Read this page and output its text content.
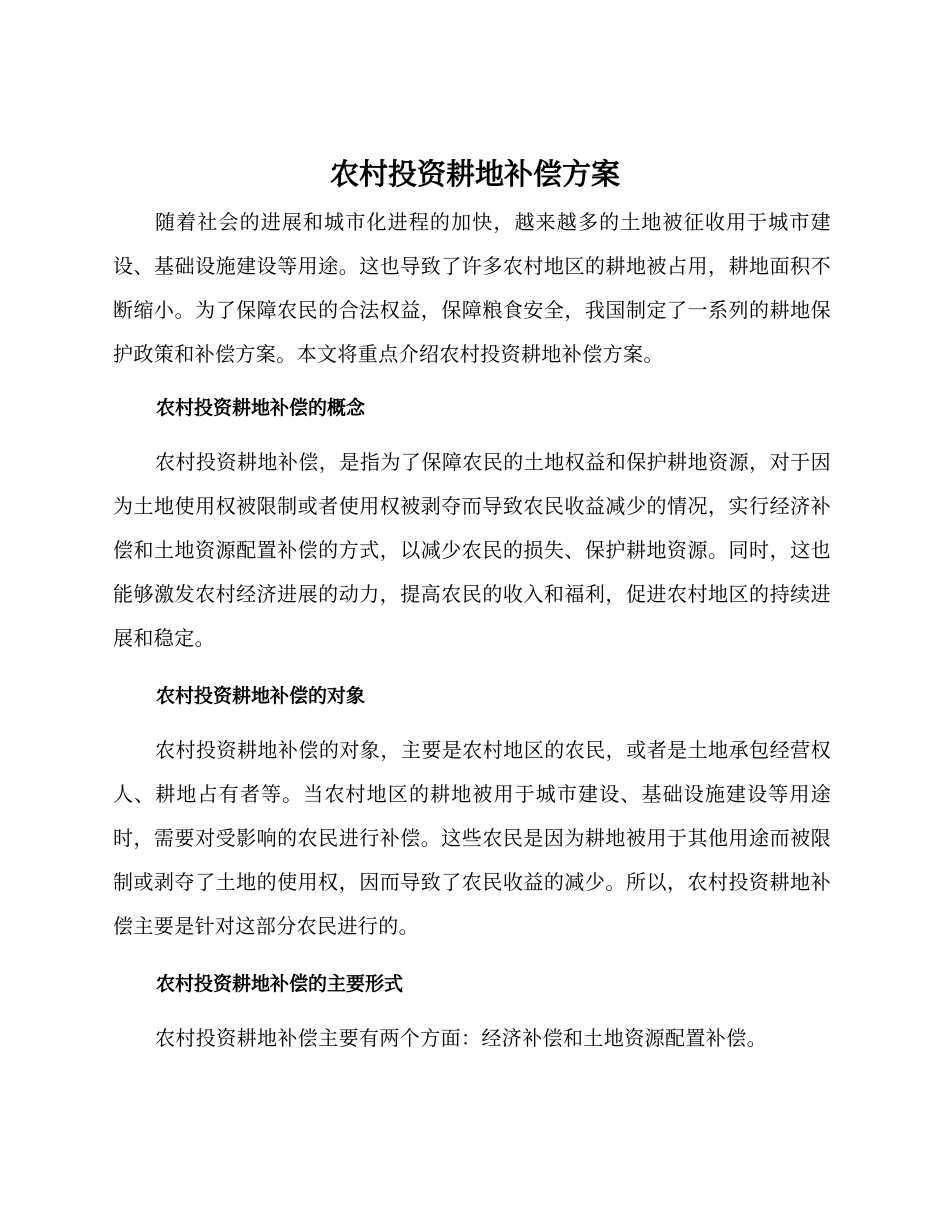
农村投资耕地补偿方案

随着社会的进展和城市化进程的加快，越来越多的土地被征收用于城市建设、基础设施建设等用途。这也导致了许多农村地区的耕地被占用，耕地面积不断缩小。为了保障农民的合法权益，保障粮食安全，我国制定了一系列的耕地保护政策和补偿方案。本文将重点介绍农村投资耕地补偿方案。

农村投资耕地补偿的概念

农村投资耕地补偿，是指为了保障农民的土地权益和保护耕地资源，对于因为土地使用权被限制或者使用权被剥夺而导致农民收益减少的情况，实行经济补偿和土地资源配置补偿的方式，以减少农民的损失、保护耕地资源。同时，这也能够激发农村经济进展的动力，提高农民的收入和福利，促进农村地区的持续进展和稳定。

农村投资耕地补偿的对象

农村投资耕地补偿的对象，主要是农村地区的农民，或者是土地承包经营权人、耕地占有者等。当农村地区的耕地被用于城市建设、基础设施建设等用途时，需要对受影响的农民进行补偿。这些农民是因为耕地被用于其他用途而被限制或剥夺了土地的使用权，因而导致了农民收益的减少。所以，农村投资耕地补偿主要是针对这部分农民进行的。

农村投资耕地补偿的主要形式

农村投资耕地补偿主要有两个方面：经济补偿和土地资源配置补偿。
